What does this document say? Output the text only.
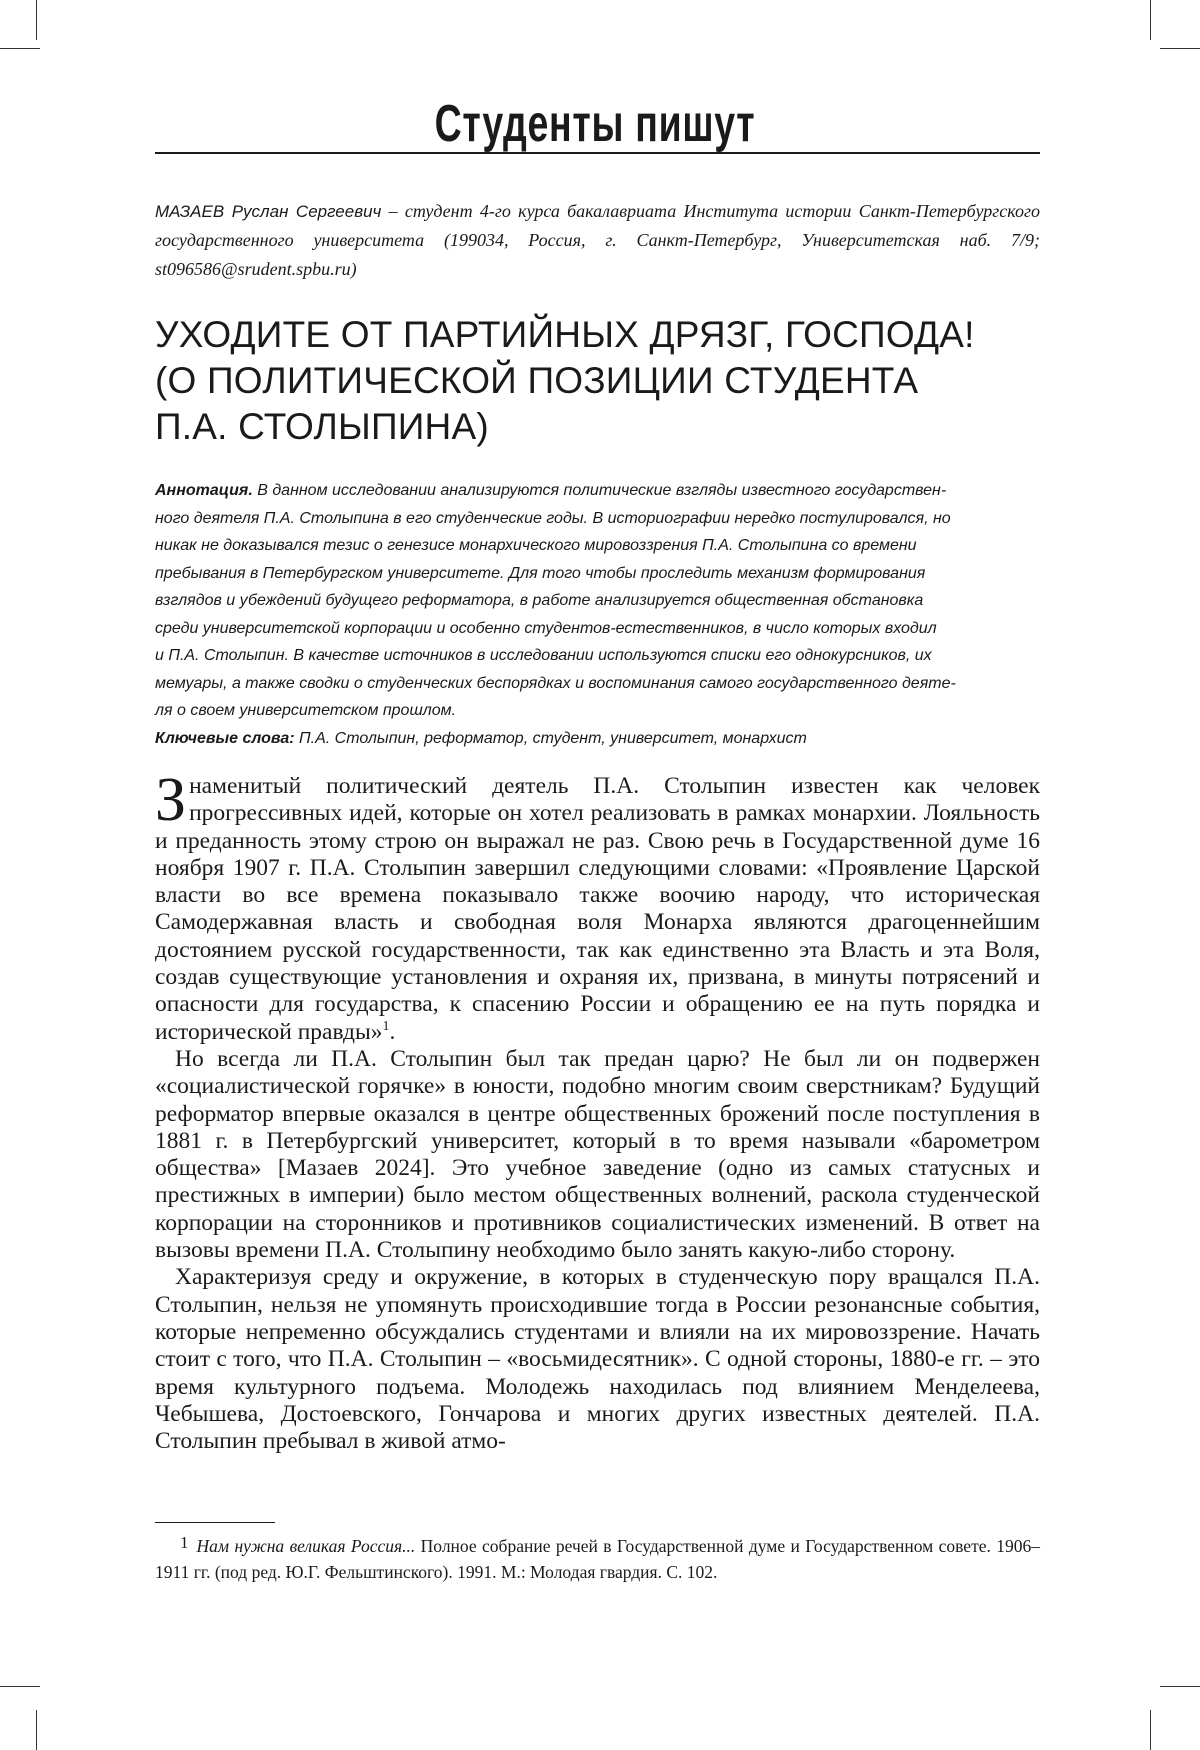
Студенты пишут
МАЗАЕВ Руслан Сергеевич – студент 4-го курса бакалавриата Института истории Санкт-Петербургского государственного университета (199034, Россия, г. Санкт-Петербург, Университетская наб. 7/9; st096586@srudent.spbu.ru)
УХОДИТЕ ОТ ПАРТИЙНЫХ ДРЯЗГ, ГОСПОДА!
(О ПОЛИТИЧЕСКОЙ ПОЗИЦИИ СТУДЕНТА
П.А. СТОЛЫПИНА)
Аннотация. В данном исследовании анализируются политические взгляды известного государствен-
ного деятеля П.А. Столыпина в его студенческие годы. В историографии нередко постулировался, но
никак не доказывался тезис о генезисе монархического мировоззрения П.А. Столыпина со времени
пребывания в Петербургском университете. Для того чтобы проследить механизм формирования
взглядов и убеждений будущего реформатора, в работе анализируется общественная обстановка
среди университетской корпорации и особенно студентов-естественников, в число которых входил
и П.А. Столыпин. В качестве источников в исследовании используются списки его однокурсников, их
мемуары, а также сводки о студенческих беспорядках и воспоминания самого государственного деяте-
ля о своем университетском прошлом.
Ключевые слова: П.А. Столыпин, реформатор, студент, университет, монархист

З наменитый политический деятель П.А. Столыпин известен как человек прогрессивных идей, которые он хотел реализовать в рамках монархии. Лояльность и преданность этому строю он выражал не раз. Свою речь в Государственной думе 16 ноября 1907 г. П.А. Столыпин завершил следующими словами: «Проявление Царской власти во все времена показывало также воочию народу, что историческая Самодержавная власть и свободная воля Монарха являются драгоценнейшим достоянием русской государственности, так как единственно эта Власть и эта Воля, создав существующие установления и охраняя их, призвана, в минуты потрясений и опасности для государства, к спасению России и обращению ее на путь порядка и исторической правды»1.

Но всегда ли П.А. Столыпин был так предан царю? Не был ли он подвержен «социалистической горячке» в юности, подобно многим своим сверстникам? Будущий реформатор впервые оказался в центре общественных брожений после поступления в 1881 г. в Петербургский университет, который в то время называли «барометром общества» [Мазаев 2024]. Это учебное заведение (одно из самых статусных и престижных в империи) было местом общественных волнений, раскола студенческой корпорации на сторонников и противников социалистических изменений. В ответ на вызовы времени П.А. Столыпину необходимо было занять какую-либо сторону.

Характеризуя среду и окружение, в которых в студенческую пору вращался П.А. Столыпин, нельзя не упомянуть происходившие тогда в России резонансные события, которые непременно обсуждались студентами и влияли на их мировоззрение. Начать стоит с того, что П.А. Столыпин – «восьмидесятник». С одной стороны, 1880-е гг. – это время культурного подъема. Молодежь находилась под влиянием Менделеева, Чебышева, Достоевского, Гончарова и многих других известных деятелей. П.А. Столыпин пребывал в живой атмо-

1 Нам нужна великая Россия... Полное собрание речей в Государственной думе и Государственном совете. 1906–1911 гг. (под ред. Ю.Г. Фельштинского). 1991. М.: Молодая гвардия. С. 102.
